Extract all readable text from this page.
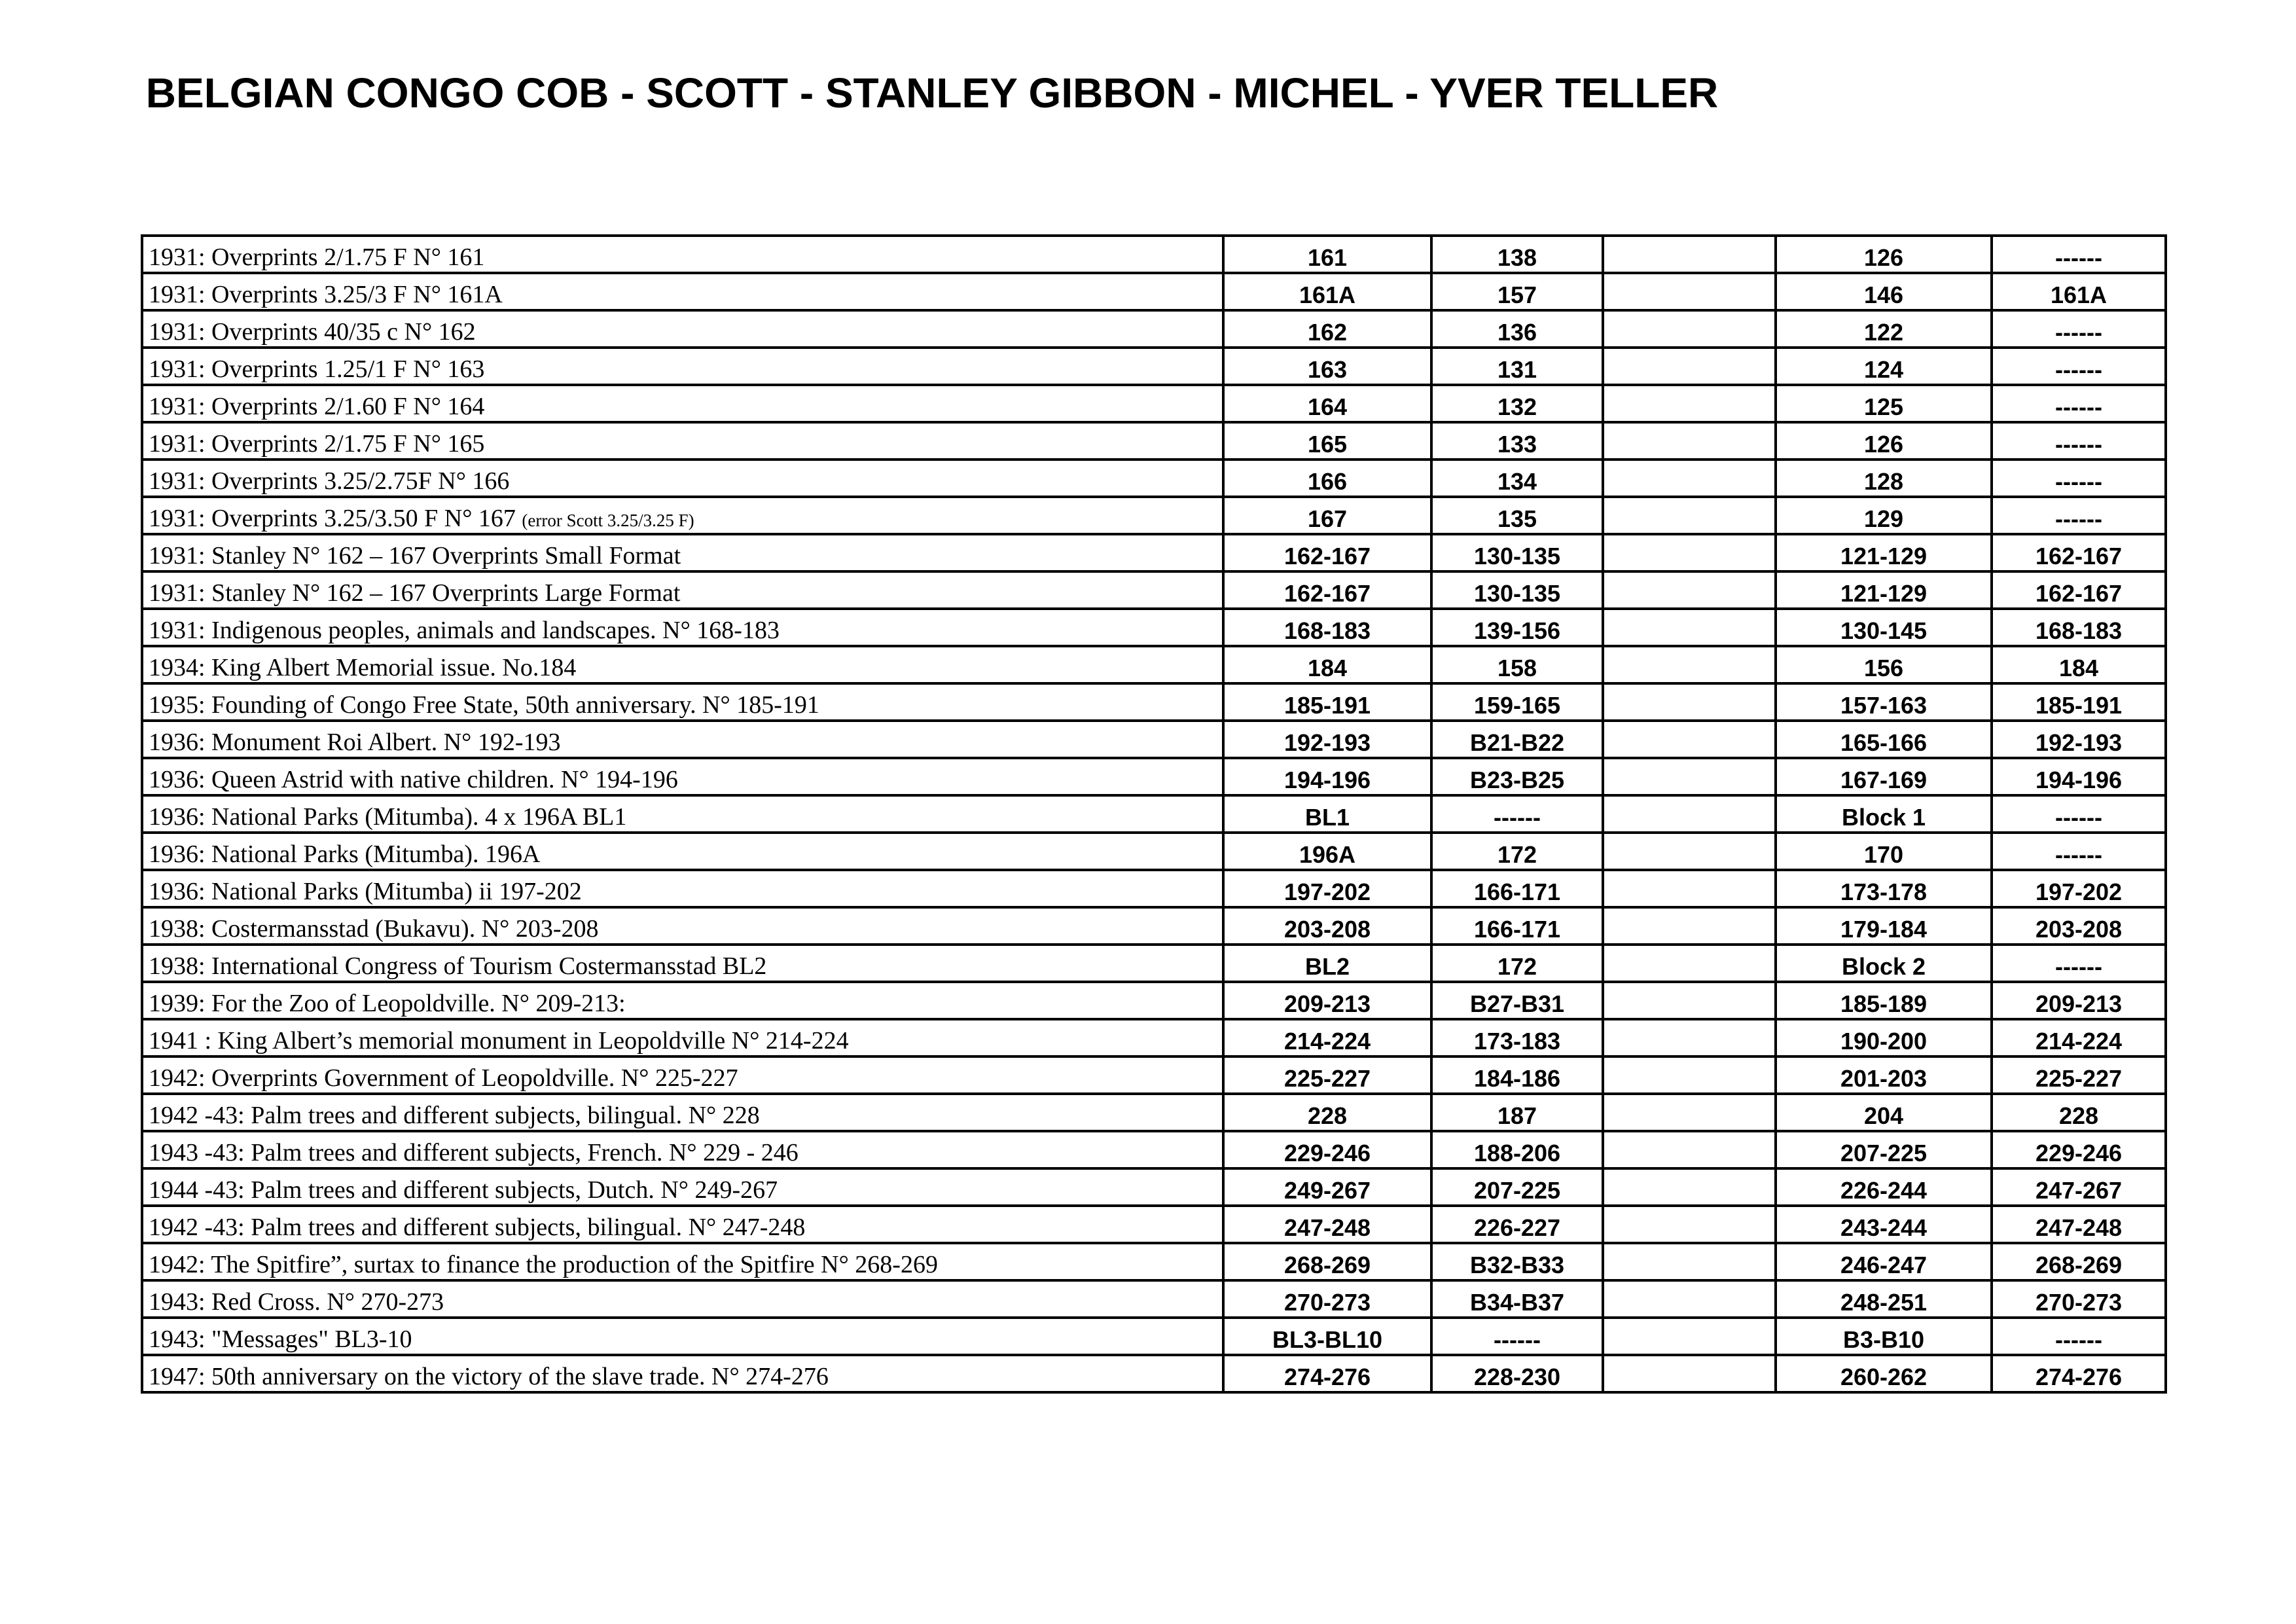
BELGIAN CONGO COB - SCOTT - STANLEY GIBBON - MICHEL - YVER TELLER
1931: Overprints 2/1.75 F N° 161	161	138		126	------
1931: Overprints 3.25/3 F N° 161A	161A	157		146	161A
1931: Overprints 40/35 c N° 162	162	136		122	------
1931: Overprints 1.25/1 F N° 163	163	131		124	------
1931: Overprints 2/1.60 F N° 164	164	132		125	------
1931: Overprints 2/1.75 F N° 165	165	133		126	------
1931: Overprints 3.25/2.75F N° 166	166	134		128	------
1931: Overprints 3.25/3.50 F N° 167 (error Scott 3.25/3.25 F)	167	135		129	------
1931: Stanley N° 162 – 167 Overprints Small Format	162-167	130-135		121-129	162-167
1931: Stanley N° 162 – 167 Overprints Large Format	162-167	130-135		121-129	162-167
1931: Indigenous peoples, animals and landscapes. N° 168-183	168-183	139-156		130-145	168-183
1934: King Albert Memorial issue. No.184	184	158		156	184
1935: Founding of Congo Free State, 50th anniversary. N° 185-191	185-191	159-165		157-163	185-191
1936: Monument Roi Albert. N° 192-193	192-193	B21-B22		165-166	192-193
1936: Queen Astrid with native children. N° 194-196	194-196	B23-B25		167-169	194-196
1936: National Parks (Mitumba). 4 x 196A BL1	BL1	------		Block 1	------
1936: National Parks (Mitumba). 196A	196A	172		170	------
1936: National Parks (Mitumba) ii 197-202	197-202	166-171		173-178	197-202
1938: Costermansstad (Bukavu). N° 203-208	203-208	166-171		179-184	203-208
1938: International Congress of Tourism Costermansstad BL2	BL2	172		Block 2	------
1939: For the Zoo of Leopoldville. N° 209-213:	209-213	B27-B31		185-189	209-213
1941 : King Albert’s memorial monument in Leopoldville N° 214-224	214-224	173-183		190-200	214-224
1942: Overprints Government of Leopoldville. N° 225-227	225-227	184-186		201-203	225-227
1942 -43: Palm trees and different subjects, bilingual. N° 228	228	187		204	228
1943 -43: Palm trees and different subjects, French. N° 229 - 246	229-246	188-206		207-225	229-246
1944 -43: Palm trees and different subjects, Dutch. N° 249-267	249-267	207-225		226-244	247-267
1942 -43: Palm trees and different subjects, bilingual. N° 247-248	247-248	226-227		243-244	247-248
1942: The Spitfire”, surtax to finance the production of the Spitfire N° 268-269	268-269	B32-B33		246-247	268-269
1943: Red Cross. N° 270-273	270-273	B34-B37		248-251	270-273
1943: "Messages" BL3-10	BL3-BL10	------		B3-B10	------
1947: 50th anniversary on the victory of the slave trade. N° 274-276	274-276	228-230		260-262	274-276
